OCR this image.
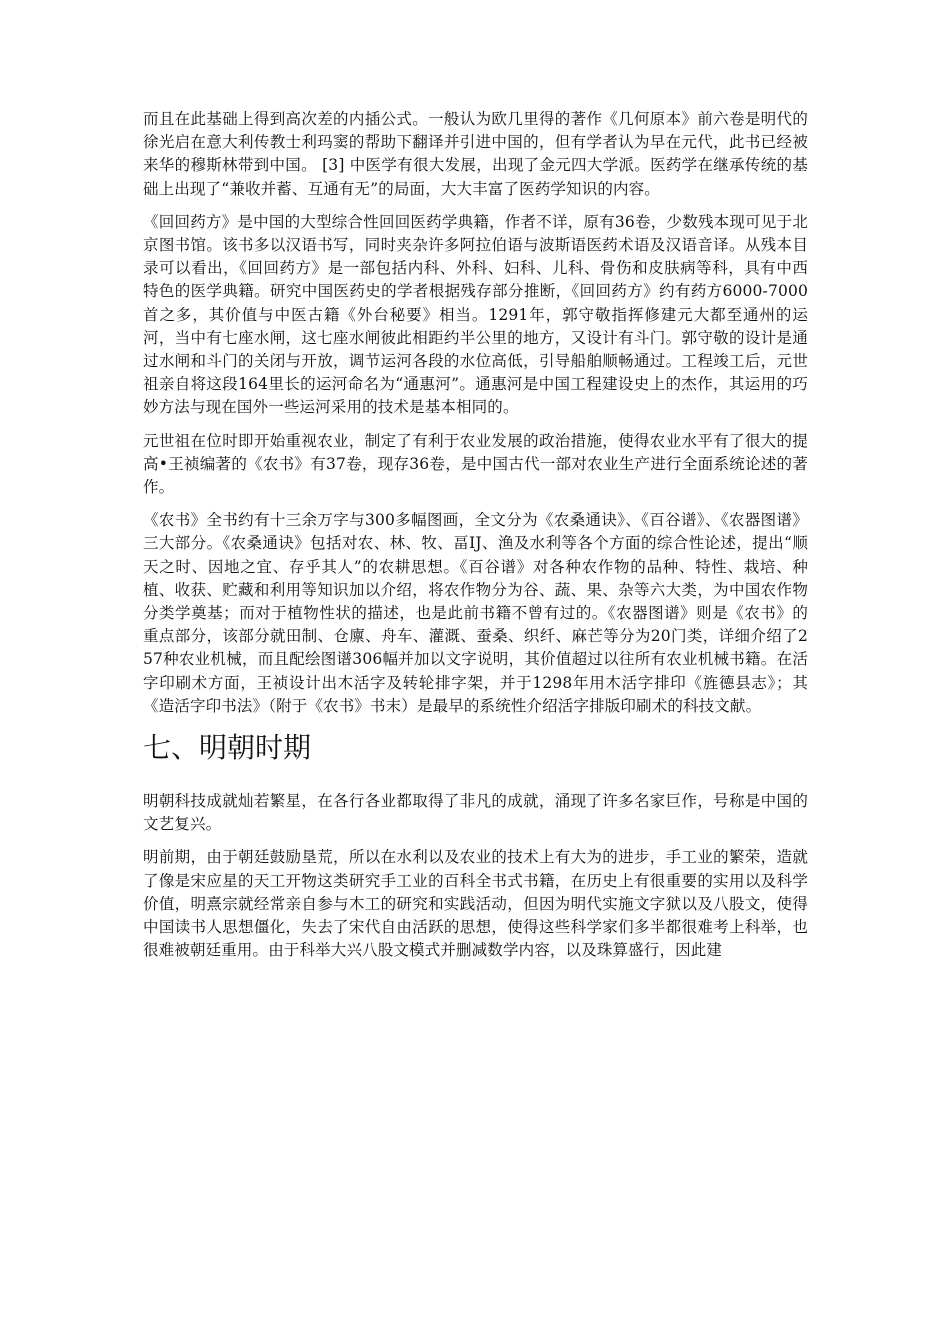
而且在此基础上得到高次差的内插公式。一般认为欧几里得的著作《几何原本》前六卷是明代的徐光启在意大利传教士利玛窦的帮助下翻译并引进中国的，但有学者认为早在元代，此书已经被来华的穆斯林带到中国。 [3] 中医学有很大发展，出现了金元四大学派。医药学在继承传统的基础上出现了“兼收并蓄、互通有无”的局面，大大丰富了医药学知识的内容。

《回回药方》是中国的大型综合性回回医药学典籍，作者不详，原有36卷，少数残本现可见于北京图书馆。该书多以汉语书写，同时夹杂许多阿拉伯语与波斯语医药术语及汉语音译。从残本目录可以看出，《回回药方》是一部包括内科、外科、妇科、儿科、骨伤和皮肤病等科，具有中西特色的医学典籍。研究中国医药史的学者根据残存部分推断，《回回药方》约有药方6000-7000首之多，其价值与中医古籍《外台秘要》相当。1291年，郭守敬指挥修建元大都至通州的运河，当中有七座水闸，这七座水闸彼此相距约半公里的地方，又设计有斗门。郭守敬的设计是通过水闸和斗门的关闭与开放，调节运河各段的水位高低，引导船舶顺畅通过。工程竣工后，元世祖亲自将这段164里长的运河命名为“通惠河”。通惠河是中国工程建设史上的杰作，其运用的巧妙方法与现在国外一些运河采用的技术是基本相同的。

元世祖在位时即开始重视农业，制定了有利于农业发展的政治措施，使得农业水平有了很大的提高•王祯编著的《农书》有37卷，现存36卷，是中国古代一部对农业生产进行全面系统论述的著作。

《农书》全书约有十三余万字与300多幅图画，全文分为《农桑通诀》、《百谷谱》、《农器图谱》三大部分。《农桑通诀》包括对农、林、牧、畐IJ、渔及水利等各个方面的综合性论述，提出“顺天之时、因地之宜、存乎其人”的农耕思想。《百谷谱》对各种农作物的品种、特性、栽培、种植、收获、贮藏和利用等知识加以介绍，将农作物分为谷、蔬、果、杂等六大类，为中国农作物分类学奠基；而对于植物性状的描述，也是此前书籍不曾有过的。《农器图谱》则是《农书》的重点部分，该部分就田制、仓廪、舟车、灌溉、蚕桑、织纤、麻芒等分为20门类，详细介绍了257种农业机械，而且配绘图谱306幅并加以文字说明，其价值超过以往所有农业机械书籍。在活字印刷术方面，王祯设计出木活字及转轮排字架，并于1298年用木活字排印《旌德县志》；其《造活字印书法》（附于《农书》书末）是最早的系统性介绍活字排版印刷术的科技文献。

七、明朝时期

明朝科技成就灿若繁星，在各行各业都取得了非凡的成就，涌现了许多名家巨作，号称是中国的文艺复兴。

明前期，由于朝廷鼓励垦荒，所以在水利以及农业的技术上有大为的进步，手工业的繁荣，造就了像是宋应星的天工开物这类研究手工业的百科全书式书籍，在历史上有很重要的实用以及科学价值，明熹宗就经常亲自参与木工的研究和实践活动，但因为明代实施文字狱以及八股文，使得中国读书人思想僵化，失去了宋代自由活跃的思想，使得这些科学家们多半都很难考上科举，也很难被朝廷重用。由于科举大兴八股文模式并删减数学内容，以及珠算盛行，因此建
